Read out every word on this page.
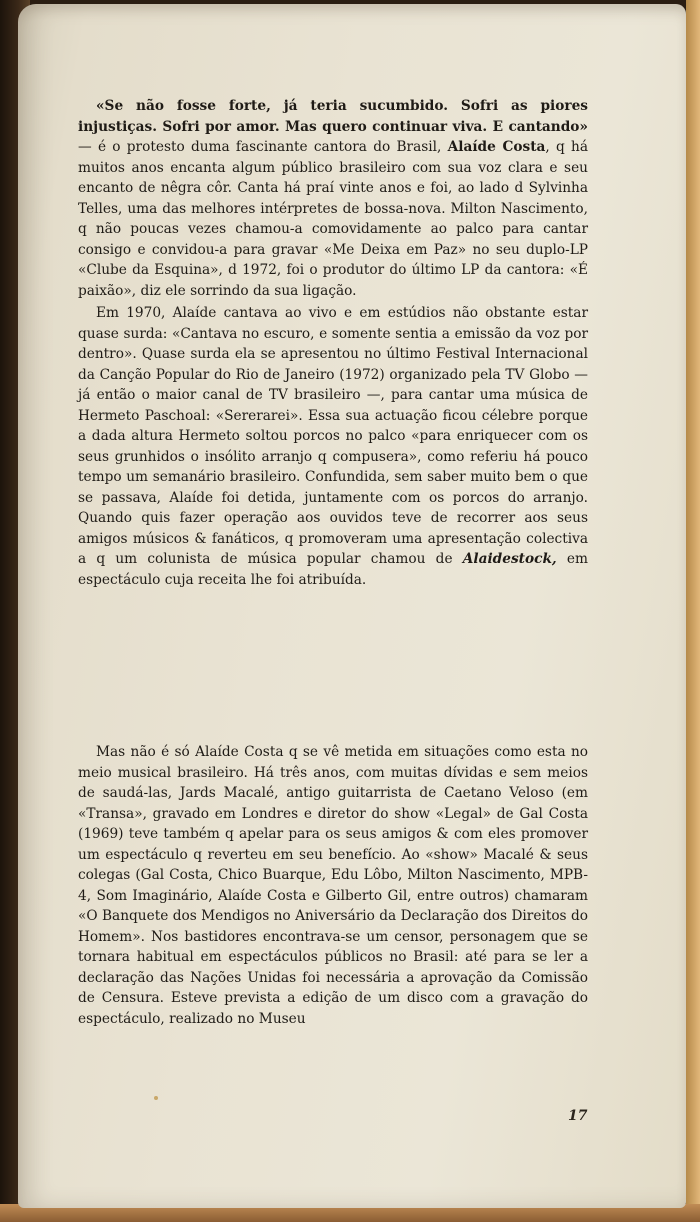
«Se não fosse forte, já teria sucumbido. Sofri as piores injustiças. Sofri por amor. Mas quero continuar viva. E cantando» — é o protesto duma fascinante cantora do Brasil, Alaíde Costa, q há muitos anos encanta algum público brasileiro com sua voz clara e seu encanto de nêgra côr. Canta há praí vinte anos e foi, ao lado d Sylvinha Telles, uma das melhores intérpretes de bossa-nova. Milton Nascimento, q não poucas vezes chamou-a comovidamente ao palco para cantar consigo e convidou-a para gravar «Me Deixa em Paz» no seu duplo-LP «Clube da Esquina», d 1972, foi o produtor do último LP da cantora: «É paixão», diz ele sorrindo da sua ligação.

Em 1970, Alaíde cantava ao vivo e em estúdios não obstante estar quase surda: «Cantava no escuro, e somente sentia a emissão da voz por dentro». Quase surda ela se apresentou no último Festival Internacional da Canção Popular do Rio de Janeiro (1972) organizado pela TV Globo — já então o maior canal de TV brasileiro —, para cantar uma música de Hermeto Paschoal: «Sererarei». Essa sua actuação ficou célebre porque a dada altura Hermeto soltou porcos no palco «para enriquecer com os seus grunhidos o insólito arranjo q compusera», como referiu há pouco tempo um semanário brasileiro. Confundida, sem saber muito bem o que se passava, Alaíde foi detida, juntamente com os porcos do arranjo. Quando quis fazer operação aos ouvidos teve de recorrer aos seus amigos músicos & fanáticos, q promoveram uma apresentação colectiva a q um colunista de música popular chamou de Alaidestock, em espectáculo cuja receita lhe foi atribuída.

Mas não é só Alaíde Costa q se vê metida em situações como esta no meio musical brasileiro. Há três anos, com muitas dívidas e sem meios de saudá-las, Jards Macalé, antigo guitarrista de Caetano Veloso (em «Transa», gravado em Londres e diretor do show «Legal» de Gal Costa (1969) teve também q apelar para os seus amigos & com eles promover um espectáculo q reverteu em seu benefício. Ao «show» Macalé & seus colegas (Gal Costa, Chico Buarque, Edu Lôbo, Milton Nascimento, MPB-4, Som Imaginário, Alaíde Costa e Gilberto Gil, entre outros) chamaram «O Banquete dos Mendigos no Aniversário da Declaração dos Direitos do Homem». Nos bastidores encontrava-se um censor, personagem que se tornara habitual em espectáculos públicos no Brasil: até para se ler a declaração das Nações Unidas foi necessária a aprovação da Comissão de Censura. Esteve prevista a edição de um disco com a gravação do espectáculo, realizado no Museu

17
